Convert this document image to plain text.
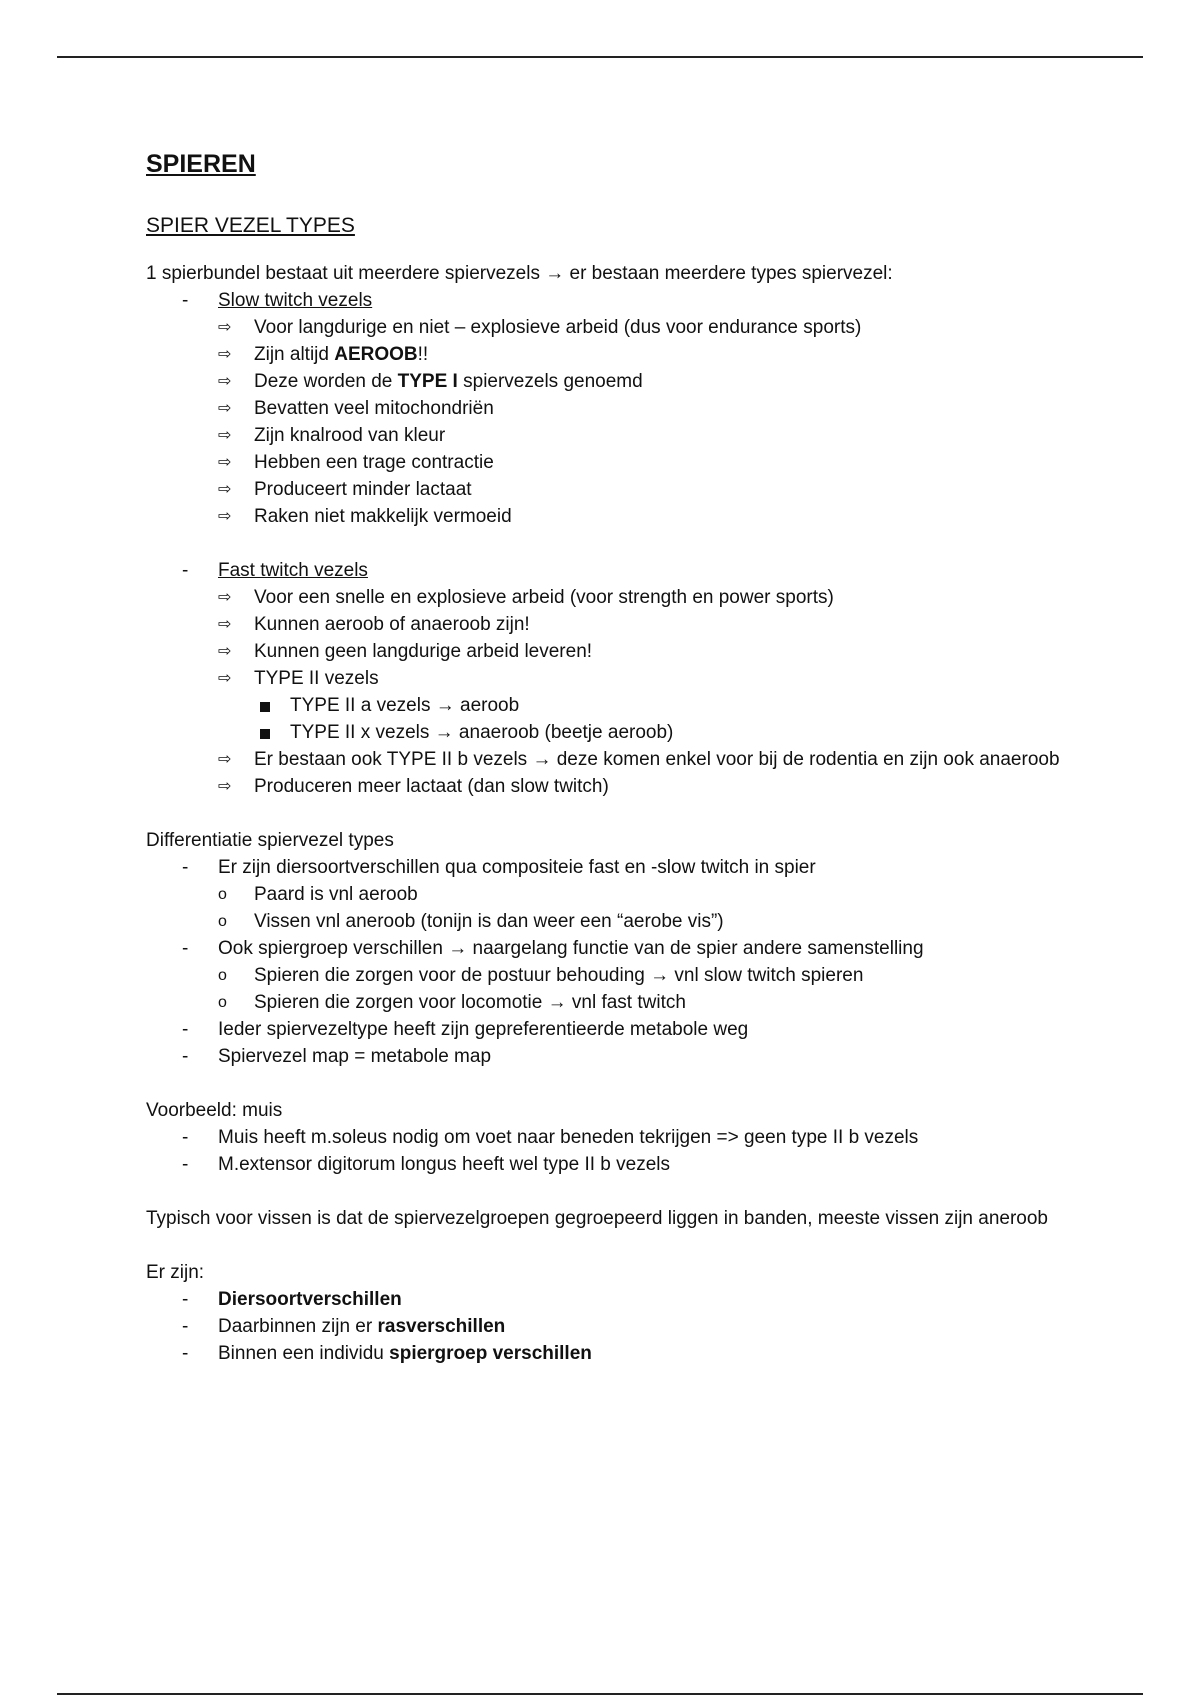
SPIEREN
SPIER VEZEL TYPES

1 spierbundel bestaat uit meerdere spiervezels → er bestaan meerdere types spiervezel:

- Slow twitch vezels
⇨ Voor langdurige en niet – explosieve arbeid (dus voor endurance sports)
⇨ Zijn altijd AEROOB!!
⇨ Deze worden de TYPE I spiervezels genoemd
⇨ Bevatten veel mitochondriën
⇨ Zijn knalrood van kleur
⇨ Hebben een trage contractie
⇨ Produceert minder lactaat
⇨ Raken niet makkelijk vermoeid
- Fast twitch vezels
⇨ Voor een snelle en explosieve arbeid (voor strength en power sports)
⇨ Kunnen aeroob of anaeroob zijn!
⇨ Kunnen geen langdurige arbeid leveren!
⇨ TYPE II vezels
TYPE II a vezels → aeroob
TYPE II x vezels → anaeroob (beetje aeroob)
⇨ Er bestaan ook TYPE II b vezels → deze komen enkel voor bij de rodentia en zijn ook anaeroob
⇨ Produceren meer lactaat (dan slow twitch)

Differentiatie spiervezel types

- Er zijn diersoortverschillen qua compositeie fast en -slow twitch in spier
o Paard is vnl aeroob
o Vissen vnl aneroob (tonijn is dan weer een “aerobe vis”)
- Ook spiergroep verschillen → naargelang functie van de spier andere samenstelling
o Spieren die zorgen voor de postuur behouding → vnl slow twitch spieren
o Spieren die zorgen voor locomotie → vnl fast twitch
- Ieder spiervezeltype heeft zijn gepreferentieerde metabole weg
- Spiervezel map = metabole map

Voorbeeld: muis

- Muis heeft m.soleus nodig om voet naar beneden tekrijgen => geen type II b vezels
- M.extensor digitorum longus heeft wel type II b vezels

Typisch voor vissen is dat de spiervezelgroepen gegroepeerd liggen in banden, meeste vissen zijn aneroob

Er zijn:

- Diersoortverschillen
- Daarbinnen zijn er rasverschillen
- Binnen een individu spiergroep verschillen
